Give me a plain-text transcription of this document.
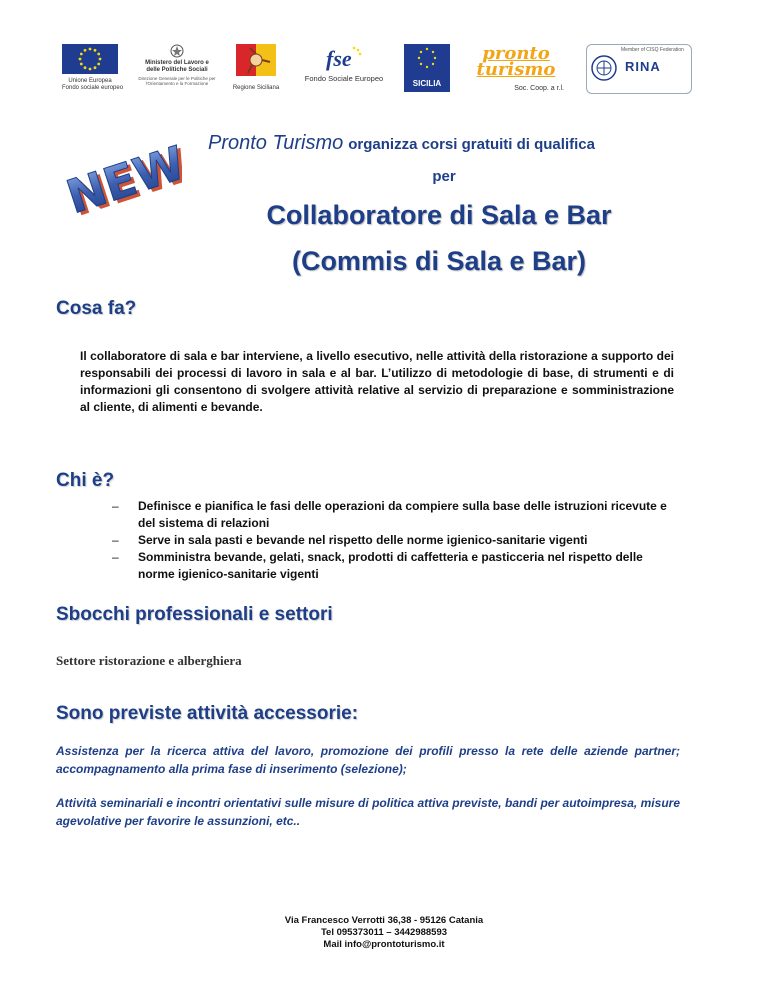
Unione Europea
Fondo sociale europeo
Ministero del Lavoro e delle Politiche Sociali
Direzione Generale per le Politiche per l'Orientamento e la Formazione
Regione Siciliana
fse
Fondo Sociale Europeo
SICILIA
pronto turismo
Soc. Coop. a r.l.
Member of CISQ Federation
RINA
NEWS
NEWS
Pronto Turismo organizza corsi gratuiti di qualifica
per
Collaboratore di Sala e Bar
(Commis di Sala e Bar)
Cosa fa?
Il collaboratore di sala e bar interviene, a livello esecutivo, nelle attività della ristorazione a supporto dei responsabili dei processi di lavoro in sala e al bar. L’utilizzo di metodologie di base, di strumenti e di informazioni gli consentono di svolgere attività relative al servizio di preparazione e somministrazione al cliente, di alimenti e bevande.
Chi è?
– Definisce e pianifica le fasi delle operazioni da compiere sulla base delle istruzioni ricevute e del sistema di relazioni
– Serve in sala pasti e bevande nel rispetto delle norme igienico-sanitarie vigenti
– Somministra bevande, gelati, snack, prodotti di caffetteria e pasticceria nel rispetto delle norme igienico-sanitarie vigenti
Sbocchi professionali e settori
Settore ristorazione e alberghiera
Sono previste attività accessorie:
Assistenza per la ricerca attiva del lavoro, promozione dei profili presso la rete delle aziende partner; accompagnamento alla prima fase di inserimento (selezione);
Attività seminariali e incontri orientativi sulle misure di politica attiva previste, bandi per autoimpresa, misure agevolative per favorire le assunzioni, etc..
Via Francesco Verrotti 36,38 - 95126 Catania
Tel 095373011 – 3442988593
Mail info@prontoturismo.it
